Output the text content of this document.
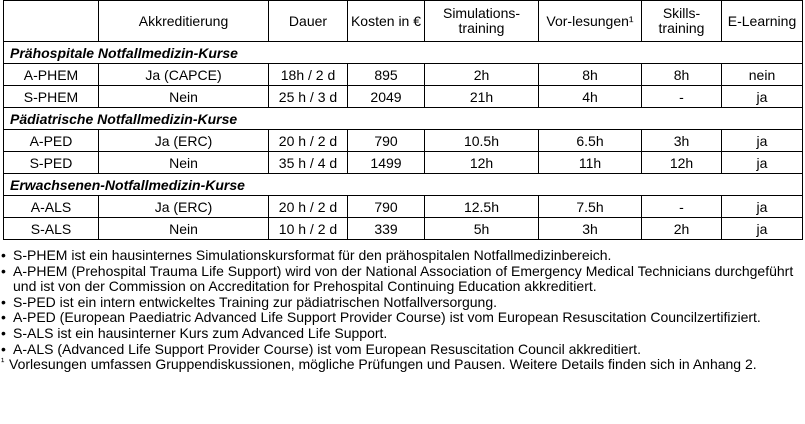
	Akkreditierung	Dauer	Kosten in €	Simulations-training	Vor-lesungen¹	Skills-training	E-Learning
Prähospitale Notfallmedizin-Kurse							
A-PHEM	Ja (CAPCE)	18h / 2 d	895	2h	8h	8h	nein
S-PHEM	Nein	25 h / 3 d	2049	21h	4h	-	ja
Pädiatrische Notfallmedizin-Kurse							
A-PED	Ja (ERC)	20 h / 2 d	790	10.5h	6.5h	3h	ja
S-PED	Nein	35 h / 4 d	1499	12h	11h	12h	ja
Erwachsenen-Notfallmedizin-Kurse							
A-ALS	Ja (ERC)	20 h / 2 d	790	12.5h	7.5h	-	ja
S-ALS	Nein	10 h / 2 d	339	5h	3h	2h	ja
• S-PHEM ist ein hausinternes Simulationskursformat für den prähospitalen Notfallmedizinbereich.
• A-PHEM (Prehospital Trauma Life Support) wird von der National Association of Emergency Medical Technicians durchgeführt und ist von der Commission on Accreditation for Prehospital Continuing Education akkreditiert.
• S-PED ist ein intern entwickeltes Training zur pädiatrischen Notfallversorgung.
• A-PED (European Paediatric Advanced Life Support Provider Course) ist vom European Resuscitation Councilzertifiziert.
• S-ALS ist ein hausinterner Kurs zum Advanced Life Support.
• A-ALS (Advanced Life Support Provider Course) ist vom European Resuscitation Council akkreditiert.
¹ Vorlesungen umfassen Gruppendiskussionen, mögliche Prüfungen und Pausen. Weitere Details finden sich in Anhang 2.
